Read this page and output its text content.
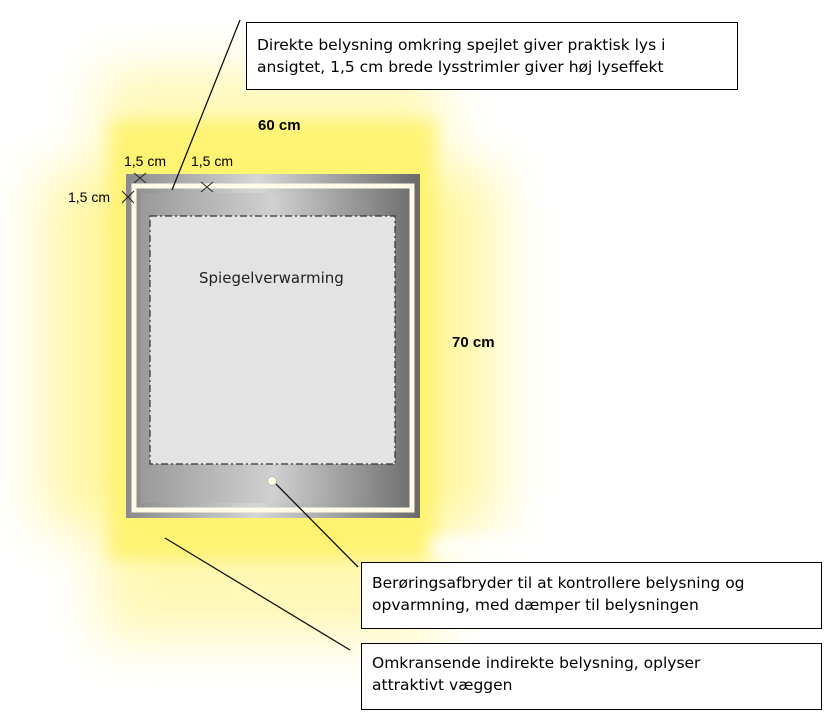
60 cm
70 cm
1,5 cm 1,5 cm
1,5 cm
Spiegelverwarming
Direkte belysning omkring spejlet giver praktisk lys i
ansigtet, 1,5 cm brede lysstrimler giver høj lyseffekt
Berøringsafbryder til at kontrollere belysning og
opvarmning, med dæmper til belysningen
Omkransende indirekte belysning, oplyser
attraktivt væggen
